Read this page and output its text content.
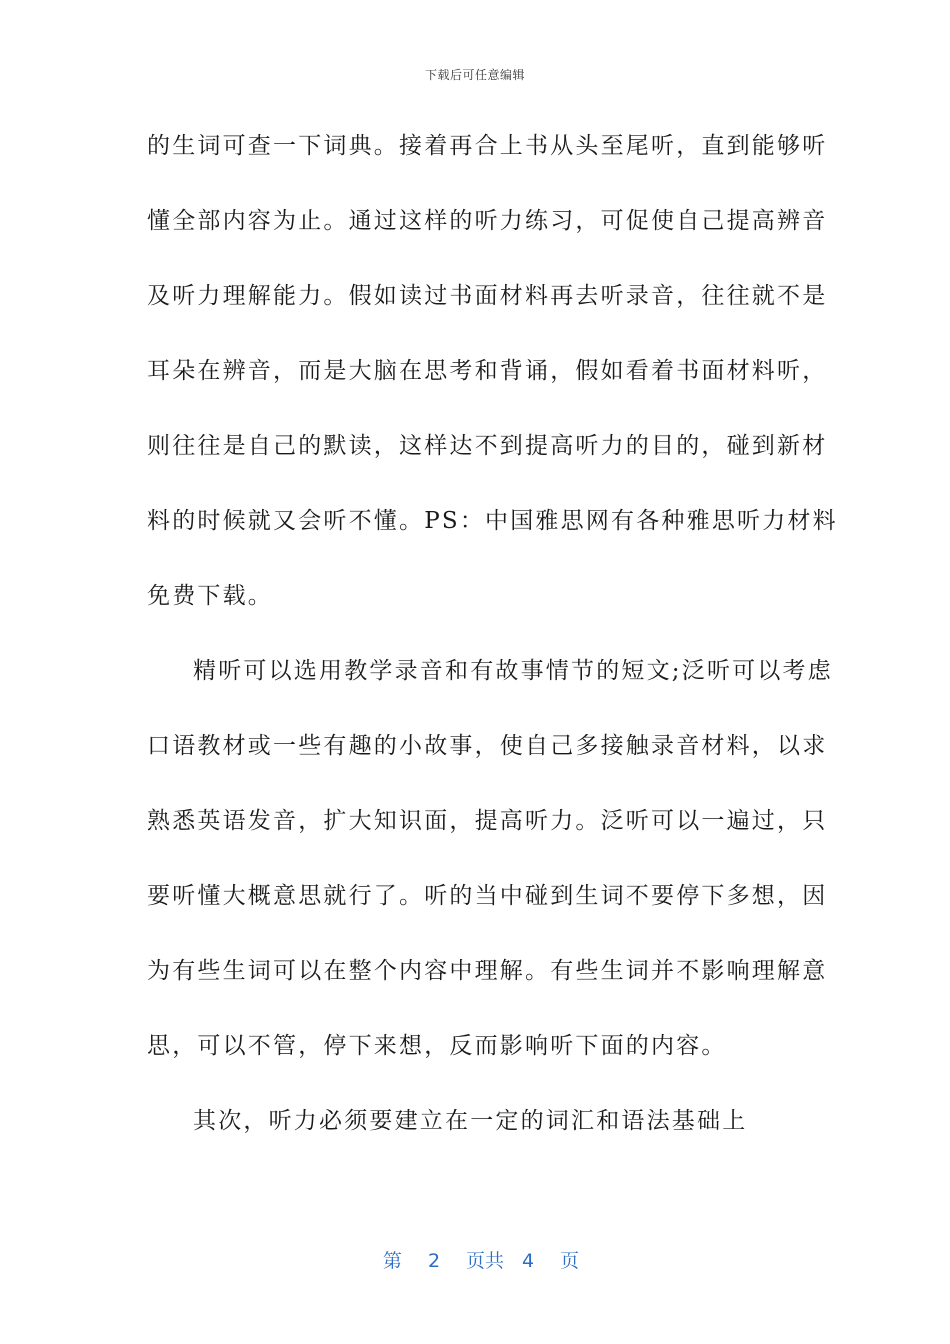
下载后可任意编辑
的生词可查一下词典。接着再合上书从头至尾听，直到能够听
懂全部内容为止。通过这样的听力练习，可促使自己提高辨音
及听力理解能力。假如读过书面材料再去听录音，往往就不是
耳朵在辨音，而是大脑在思考和背诵，假如看着书面材料听，
则往往是自己的默读，这样达不到提高听力的目的，碰到新材
料的时候就又会听不懂。PS：中国雅思网有各种雅思听力材料
免费下载。
精听可以选用教学录音和有故事情节的短文;泛听可以考虑
口语教材或一些有趣的小故事，使自己多接触录音材料，以求
熟悉英语发音，扩大知识面，提高听力。泛听可以一遍过，只
要听懂大概意思就行了。听的当中碰到生词不要停下多想，因
为有些生词可以在整个内容中理解。有些生词并不影响理解意
思，可以不管，停下来想，反而影响听下面的内容。
其次，听力必须要建立在一定的词汇和语法基础上

第 2 页共 4 页
